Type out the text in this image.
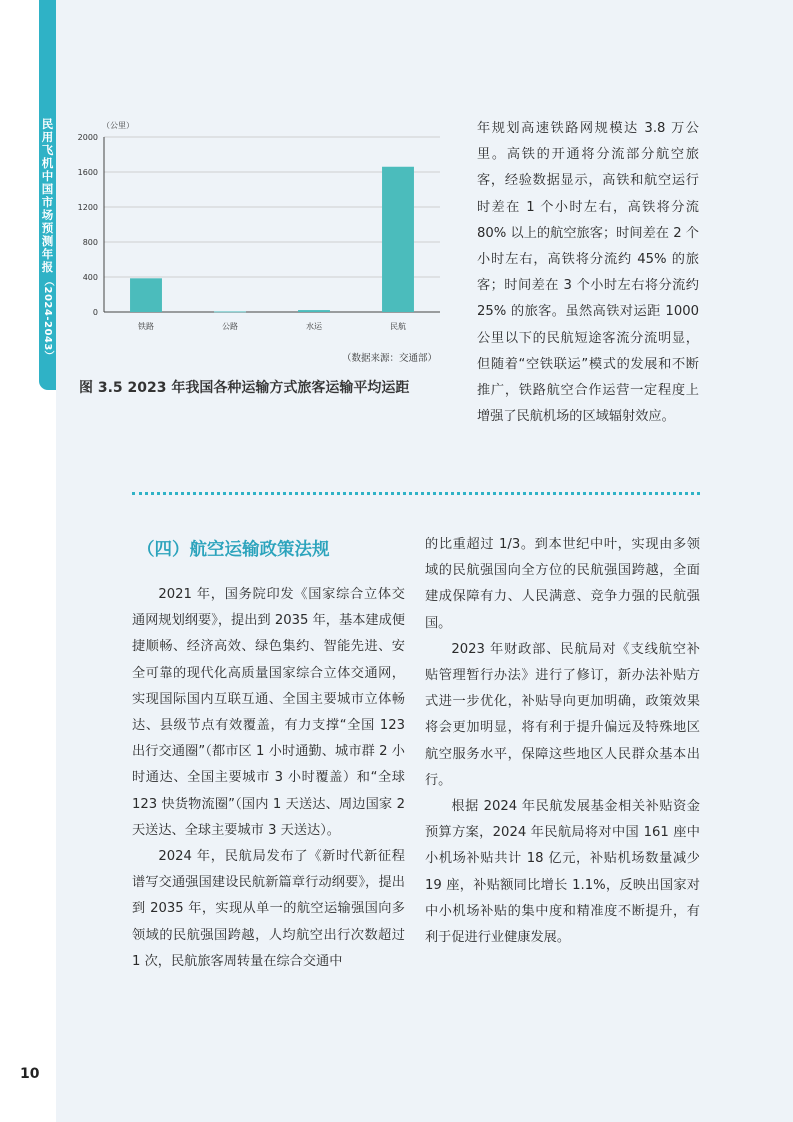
民用飞机中国市场预测年报
（2024-2043）
10
（公里）
0
400
800
1200
1600
2000
铁路	公路	水运	民航
（数据来源：交通部）
图 3.5 2023 年我国各种运输方式旅客运输平均运距

年规划高速铁路网规模达 3.8 万公里。高铁的开通将分流部分航空旅客，经验数据显示，高铁和航空运行时差在 1 个小时左右，高铁将分流 80% 以上的航空旅客；时间差在 2 个小时左右，高铁将分流约 45% 的旅客；时间差在 3 个小时左右将分流约 25% 的旅客。虽然高铁对运距 1000 公里以下的民航短途客流分流明显，但随着“空铁联运”模式的发展和不断推广，铁路航空合作运营一定程度上增强了民航机场的区域辐射效应。

（四）航空运输政策法规

2021 年，国务院印发《国家综合立体交通网规划纲要》，提出到 2035 年，基本建成便捷顺畅、经济高效、绿色集约、智能先进、安全可靠的现代化高质量国家综合立体交通网，实现国际国内互联互通、全国主要城市立体畅达、县级节点有效覆盖，有力支撑“全国 123 出行交通圈”（都市区 1 小时通勤、城市群 2 小时通达、全国主要城市 3 小时覆盖）和“全球 123 快货物流圈”（国内 1 天送达、周边国家 2 天送达、全球主要城市 3 天送达）。

2024 年，民航局发布了《新时代新征程谱写交通强国建设民航新篇章行动纲要》，提出到 2035 年，实现从单一的航空运输强国向多领域的民航强国跨越，人均航空出行次数超过 1 次，民航旅客周转量在综合交通中

的比重超过 1/3。到本世纪中叶，实现由多领域的民航强国向全方位的民航强国跨越，全面建成保障有力、人民满意、竞争力强的民航强国。

2023 年财政部、民航局对《支线航空补贴管理暂行办法》进行了修订，新办法补贴方式进一步优化，补贴导向更加明确，政策效果将会更加明显，将有利于提升偏远及特殊地区航空服务水平，保障这些地区人民群众基本出行。

根据 2024 年民航发展基金相关补贴资金预算方案，2024 年民航局将对中国 161 座中小机场补贴共计 18 亿元，补贴机场数量减少 19 座，补贴额同比增长 1.1%，反映出国家对中小机场补贴的集中度和精准度不断提升，有利于促进行业健康发展。
